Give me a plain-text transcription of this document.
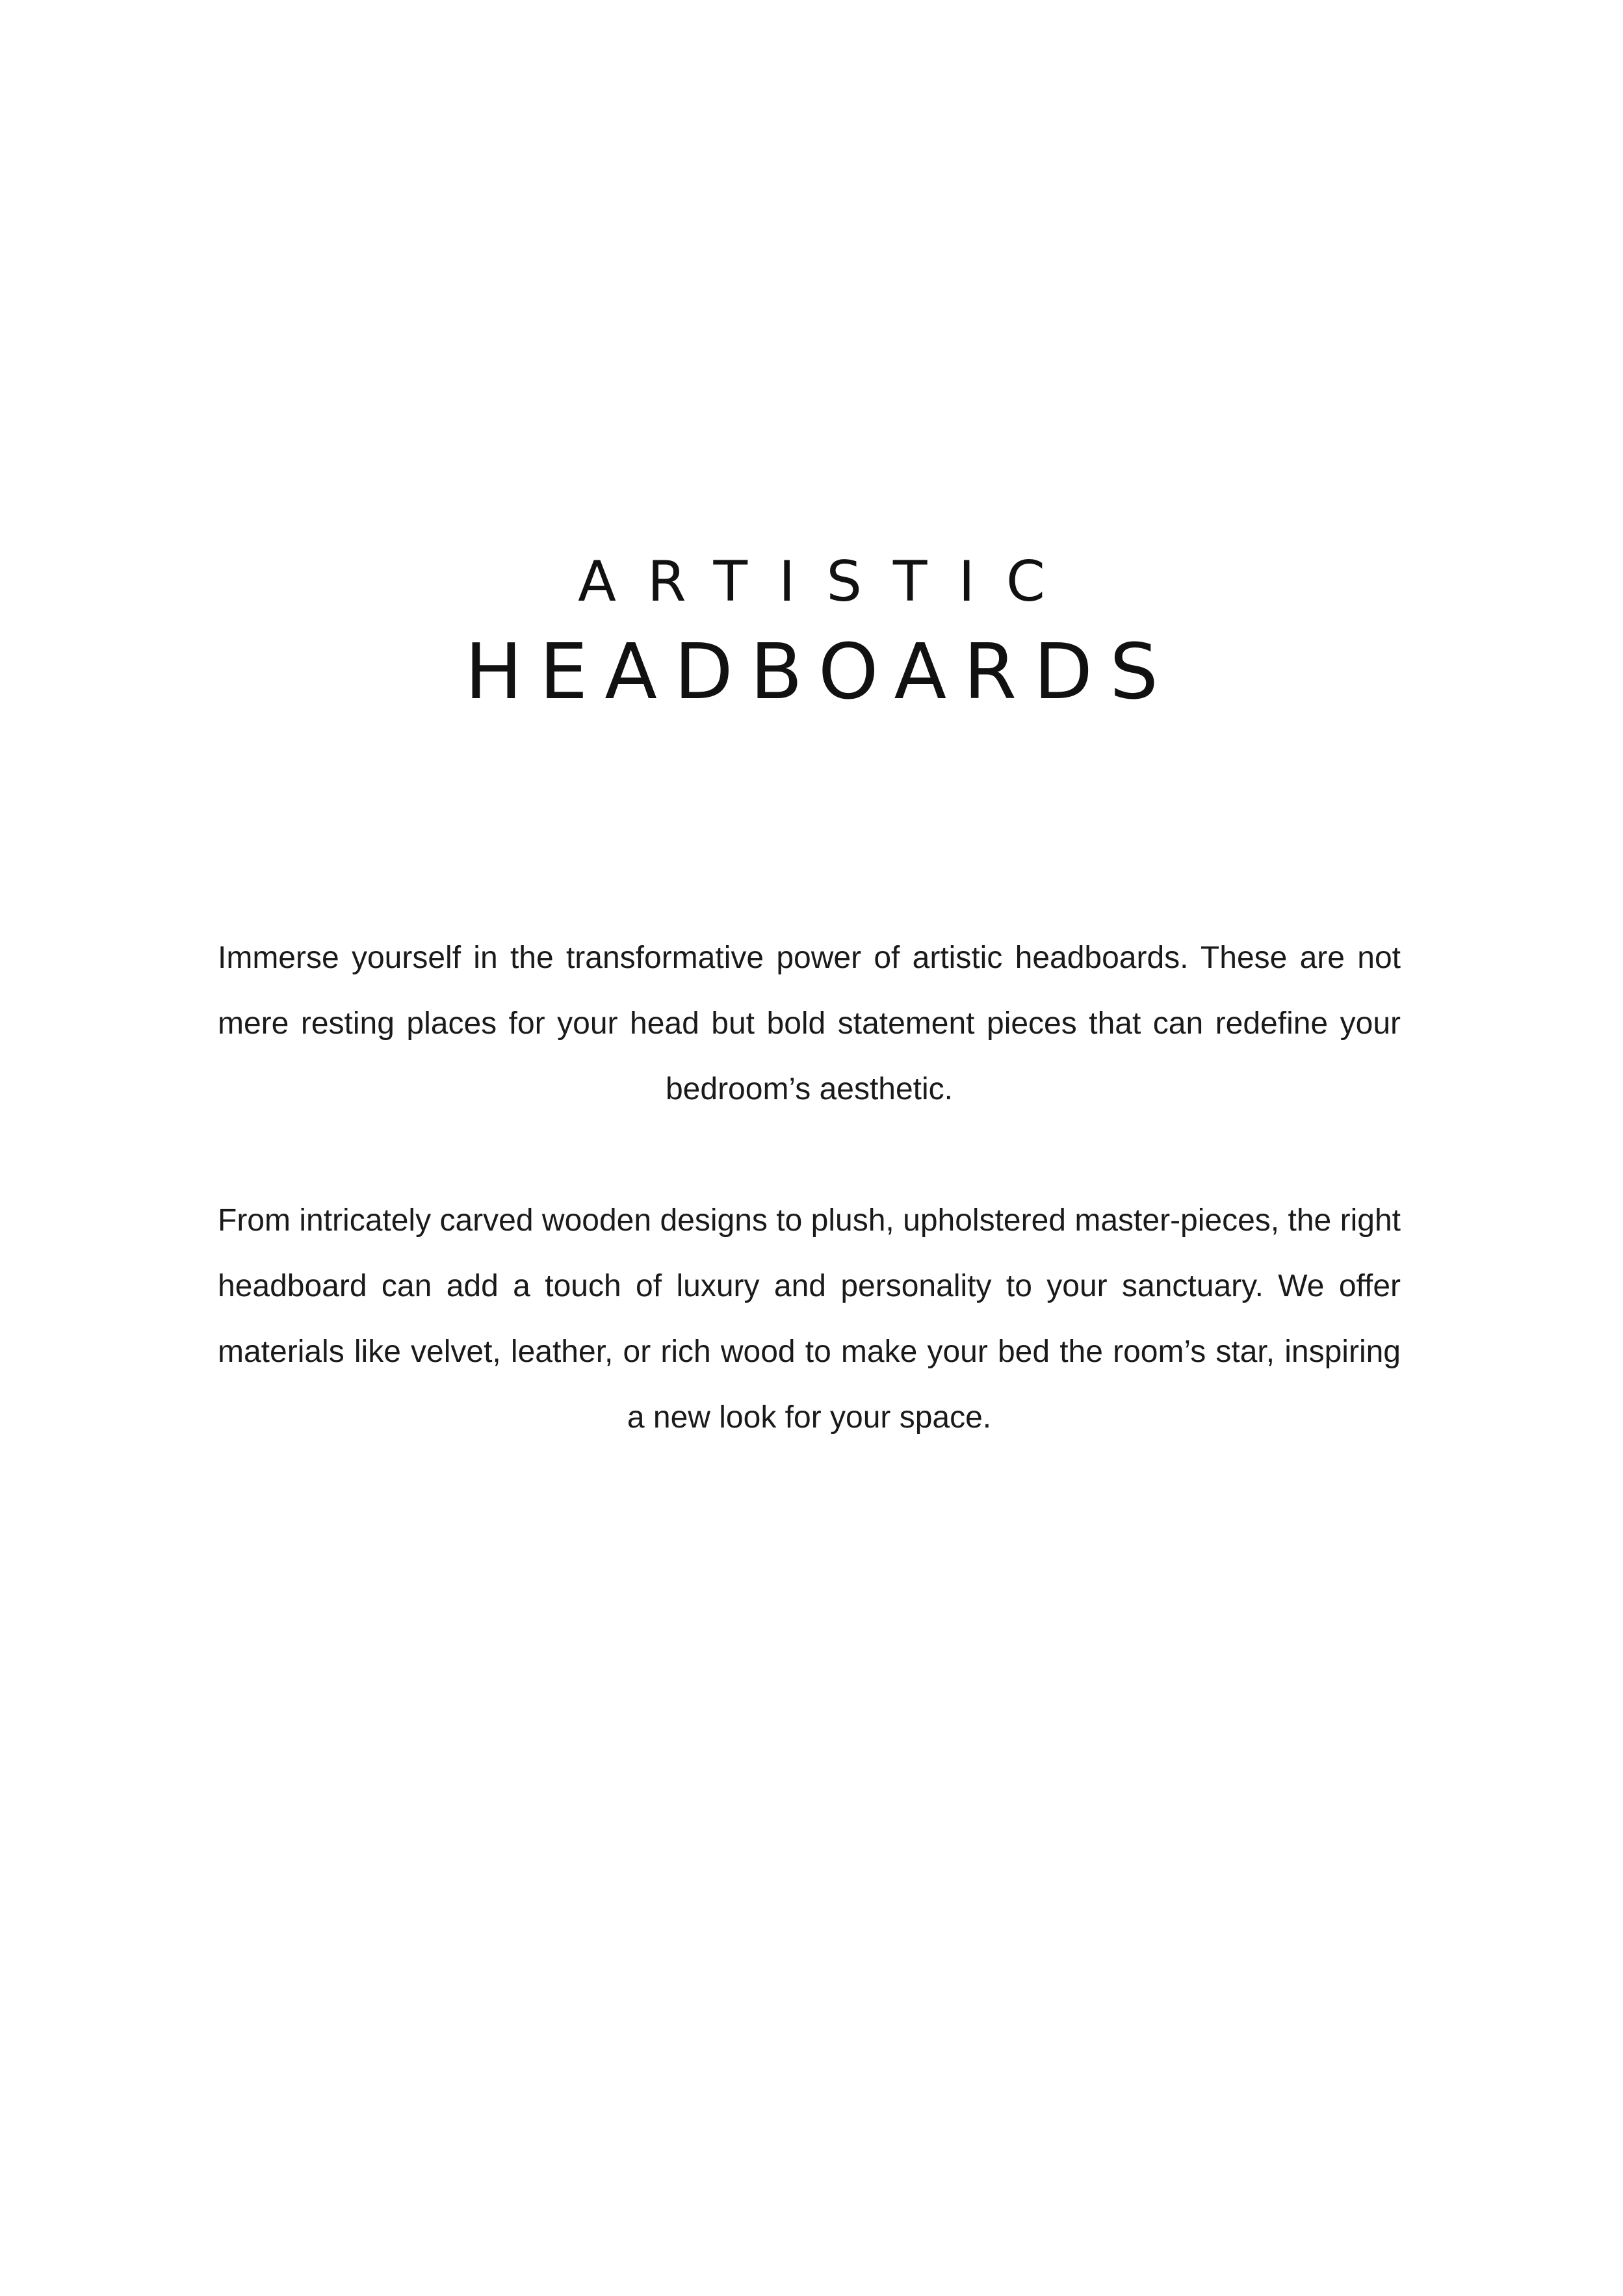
ARTISTIC
HEADBOARDS

Immerse yourself in the transformative power of artistic headboards. These are not mere resting places for your head but bold statement pieces that can redefine your bedroom’s aesthetic.

From intricately carved wooden designs to plush, upholstered master-pieces, the right headboard can add a touch of luxury and personality to your sanctuary. We offer materials like velvet, leather, or rich wood to make your bed the room’s star, inspiring a new look for your space.
